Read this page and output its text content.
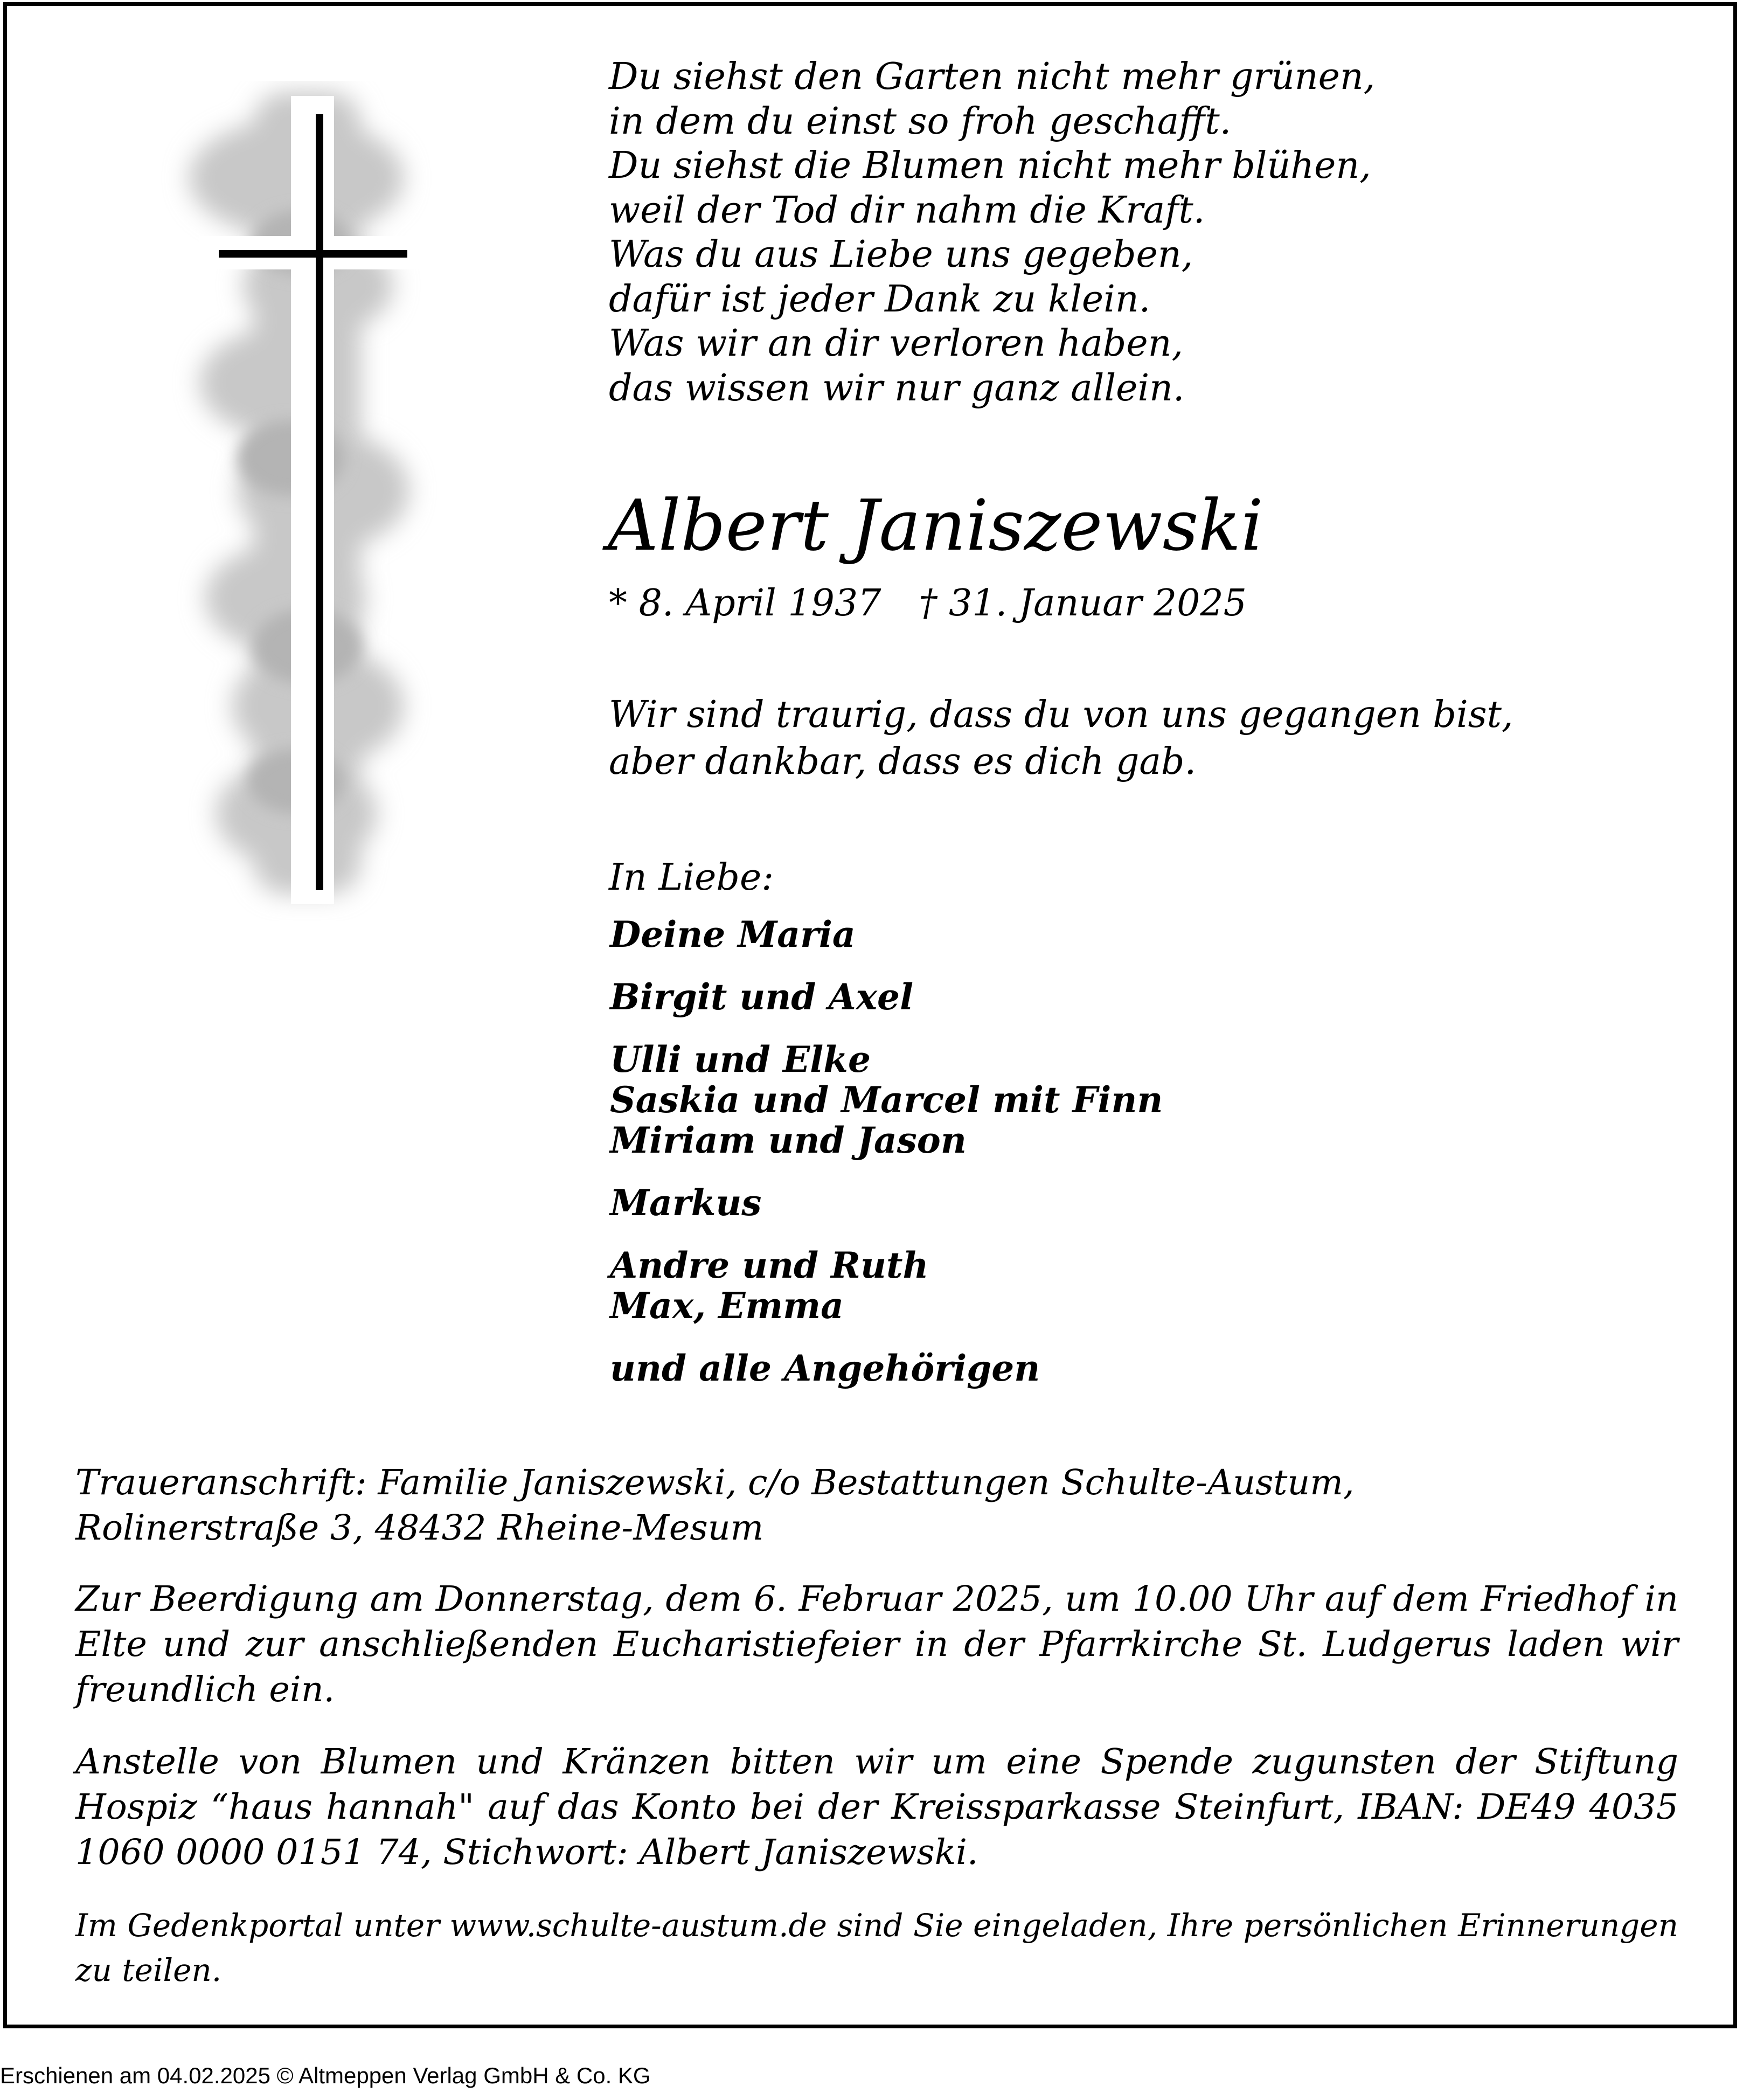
Du siehst den Garten nicht mehr grünen,
in dem du einst so froh geschafft.
Du siehst die Blumen nicht mehr blühen,
weil der Tod dir nahm die Kraft.
Was du aus Liebe uns gegeben,
dafür ist jeder Dank zu klein.
Was wir an dir verloren haben,
das wissen wir nur ganz allein.
Albert Janiszewski
* 8. April 1937 † 31. Januar 2025
Wir sind traurig, dass du von uns gegangen bist,
aber dankbar, dass es dich gab.
In Liebe:
Deine Maria
Birgit und Axel
Ulli und Elke
Saskia und Marcel mit Finn
Miriam und Jason
Markus
Andre und Ruth
Max, Emma
und alle Angehörigen
Traueranschrift: Familie Janiszewski, c/o Bestattungen Schulte-Austum,
Rolinerstraße 3, 48432 Rheine-Mesum
Zur Beerdigung am Donnerstag, dem 6. Februar 2025, um 10.00 Uhr auf dem Friedhof in Elte und zur anschließenden Eucharistiefeier in der Pfarrkirche St. Ludgerus laden wir freundlich ein.
Anstelle von Blumen und Kränzen bitten wir um eine Spende zugunsten der Stiftung Hospiz “haus hannah" auf das Konto bei der Kreissparkasse Steinfurt, IBAN: DE49 4035 1060 0000 0151 74, Stichwort: Albert Janiszewski.
Im Gedenkportal unter www.schulte-austum.de sind Sie eingeladen, Ihre persönlichen Erinnerungen zu teilen.
Erschienen am 04.02.2025 © Altmeppen Verlag GmbH & Co. KG
